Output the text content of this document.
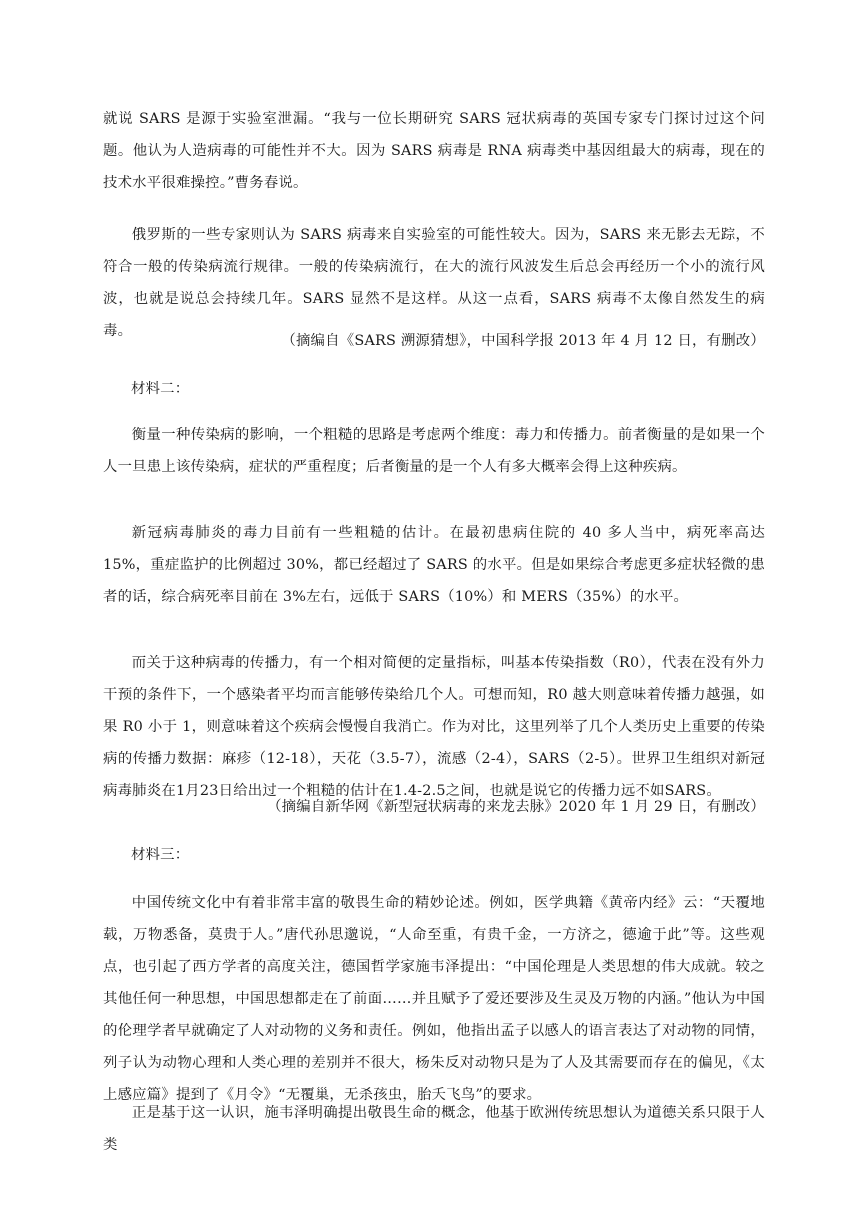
就说 SARS 是源于实验室泄漏。“我与一位长期研究 SARS 冠状病毒的英国专家专门探讨过这个问题。他认为人造病毒的可能性并不大。因为 SARS 病毒是 RNA 病毒类中基因组最大的病毒，现在的技术水平很难操控。”曹务春说。

俄罗斯的一些专家则认为 SARS 病毒来自实验室的可能性较大。因为，SARS 来无影去无踪，不符合一般的传染病流行规律。一般的传染病流行，在大的流行风波发生后总会再经历一个小的流行风波，也就是说总会持续几年。SARS 显然不是这样。从这一点看，SARS 病毒不太像自然发生的病毒。

（摘编自《SARS 溯源猜想》，中国科学报 2013 年 4 月 12 日，有删改）

材料二：

衡量一种传染病的影响，一个粗糙的思路是考虑两个维度：毒力和传播力。前者衡量的是如果一个人一旦患上该传染病，症状的严重程度；后者衡量的是一个人有多大概率会得上这种疾病。

新冠病毒肺炎的毒力目前有一些粗糙的估计。在最初患病住院的 40 多人当中，病死率高达 15%，重症监护的比例超过 30%，都已经超过了 SARS 的水平。但是如果综合考虑更多症状轻微的患者的话，综合病死率目前在 3%左右，远低于 SARS（10%）和 MERS（35%）的水平。

而关于这种病毒的传播力，有一个相对简便的定量指标，叫基本传染指数（R0），代表在没有外力干预的条件下，一个感染者平均而言能够传染给几个人。可想而知，R0 越大则意味着传播力越强，如果 R0 小于 1，则意味着这个疾病会慢慢自我消亡。作为对比，这里列举了几个人类历史上重要的传染病的传播力数据：麻疹（12-18），天花（3.5-7），流感（2-4），SARS（2-5）。世界卫生组织对新冠病毒肺炎在1月23日给出过一个粗糙的估计在1.4-2.5之间，也就是说它的传播力远不如SARS。

（摘编自新华网《新型冠状病毒的来龙去脉》2020 年 1 月 29 日，有删改）

材料三：

中国传统文化中有着非常丰富的敬畏生命的精妙论述。例如，医学典籍《黄帝内经》云：“天覆地载，万物悉备，莫贵于人。”唐代孙思邈说，“人命至重，有贵千金，一方济之，德逾于此”等。这些观点，也引起了西方学者的高度关注，德国哲学家施韦泽提出：“中国伦理是人类思想的伟大成就。较之其他任何一种思想，中国思想都走在了前面……并且赋予了爱还要涉及生灵及万物的内涵。”他认为中国的伦理学者早就确定了人对动物的义务和责任。例如，他指出孟子以感人的语言表达了对动物的同情，列子认为动物心理和人类心理的差别并不很大，杨朱反对动物只是为了人及其需要而存在的偏见，《太上感应篇》提到了《月令》“无覆巢，无杀孩虫，胎夭飞鸟”的要求。

正是基于这一认识，施韦泽明确提出敬畏生命的概念，他基于欧洲传统思想认为道德关系只限于人类
